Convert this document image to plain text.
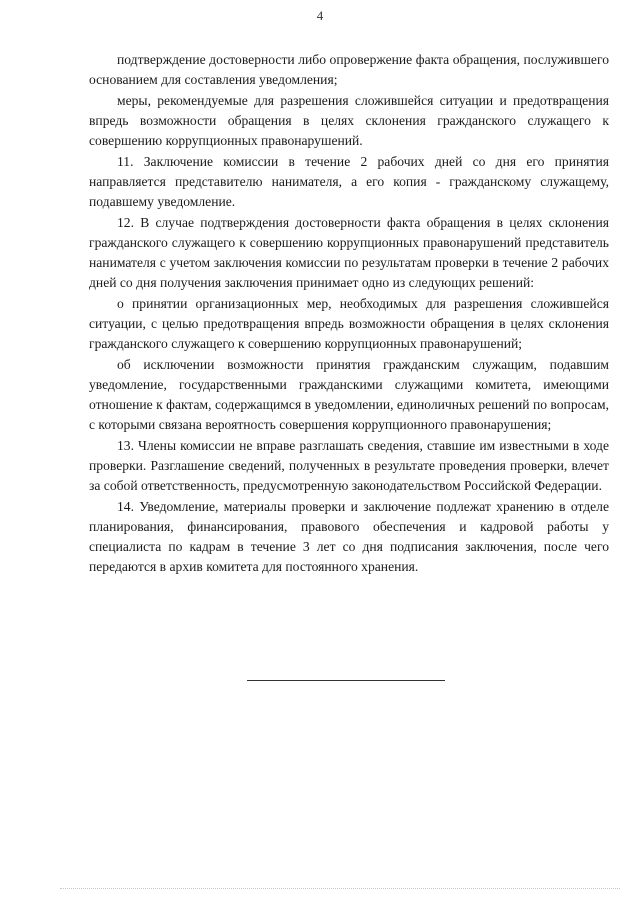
4

подтверждение достоверности либо опровержение факта обращения, послужившего основанием для составления уведомления;

меры, рекомендуемые для разрешения сложившейся ситуации и предотвращения впредь возможности обращения в целях склонения гражданского служащего к совершению коррупционных правонарушений.

11. Заключение комиссии в течение 2 рабочих дней со дня его принятия направляется представителю нанимателя, а его копия - гражданскому служащему, подавшему уведомление.

12. В случае подтверждения достоверности факта обращения в целях склонения гражданского служащего к совершению коррупционных правонарушений представитель нанимателя с учетом заключения комиссии по результатам проверки в течение 2 рабочих дней со дня получения заключения принимает одно из следующих решений:

о принятии организационных мер, необходимых для разрешения сложившейся ситуации, с целью предотвращения впредь возможности обращения в целях склонения гражданского служащего к совершению коррупционных правонарушений;

об исключении возможности принятия гражданским служащим, подавшим уведомление, государственными гражданскими служащими комитета, имеющими отношение к фактам, содержащимся в уведомлении, единоличных решений по вопросам, с которыми связана вероятность совершения коррупционного правонарушения;

13. Члены комиссии не вправе разглашать сведения, ставшие им известными в ходе проверки. Разглашение сведений, полученных в результате проведения проверки, влечет за собой ответственность, предусмотренную законодательством Российской Федерации.

14. Уведомление, материалы проверки и заключение подлежат хранению в отделе планирования, финансирования, правового обеспечения и кадровой работы у специалиста по кадрам в течение 3 лет со дня подписания заключения, после чего передаются в архив комитета для постоянного хранения.
